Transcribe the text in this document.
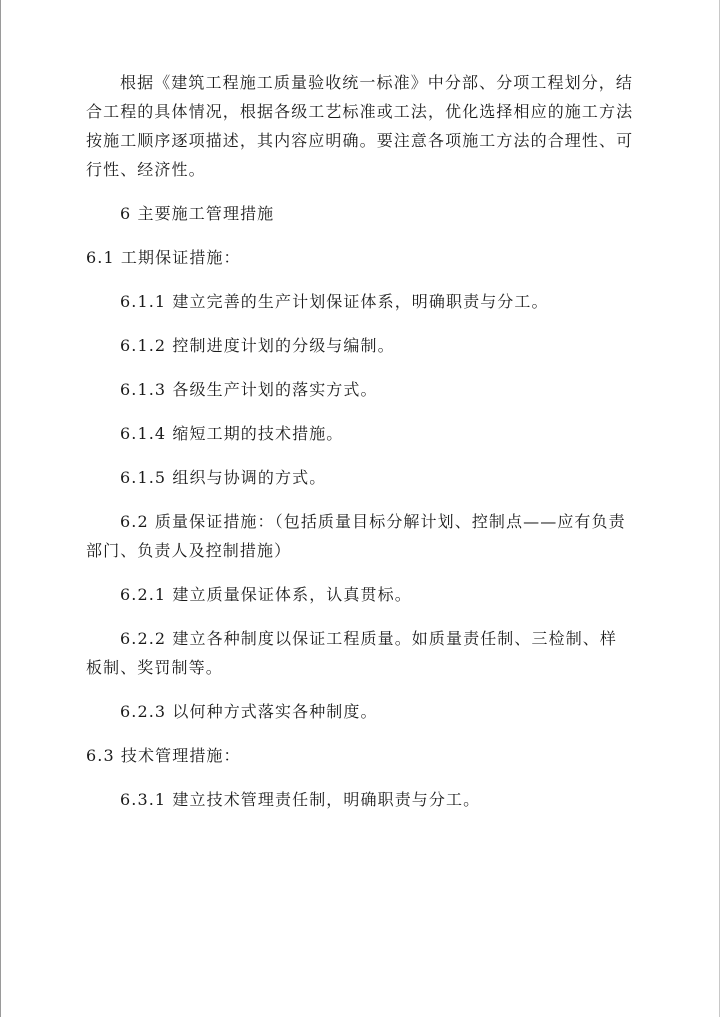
根据《建筑工程施工质量验收统一标准》中分部、分项工程划分，结合工程的具体情况，根据各级工艺标准或工法，优化选择相应的施工方法按施工顺序逐项描述，其内容应明确。要注意各项施工方法的合理性、可行性、经济性。

6 主要施工管理措施

6.1 工期保证措施：

6.1.1 建立完善的生产计划保证体系，明确职责与分工。

6.1.2 控制进度计划的分级与编制。

6.1.3 各级生产计划的落实方式。

6.1.4 缩短工期的技术措施。

6.1.5 组织与协调的方式。

6.2 质量保证措施：（包括质量目标分解计划、控制点——应有负责部门、负责人及控制措施）

6.2.1 建立质量保证体系，认真贯标。

6.2.2 建立各种制度以保证工程质量。如质量责任制、三检制、样板制、奖罚制等。

6.2.3 以何种方式落实各种制度。

6.3 技术管理措施：

6.3.1 建立技术管理责任制，明确职责与分工。
